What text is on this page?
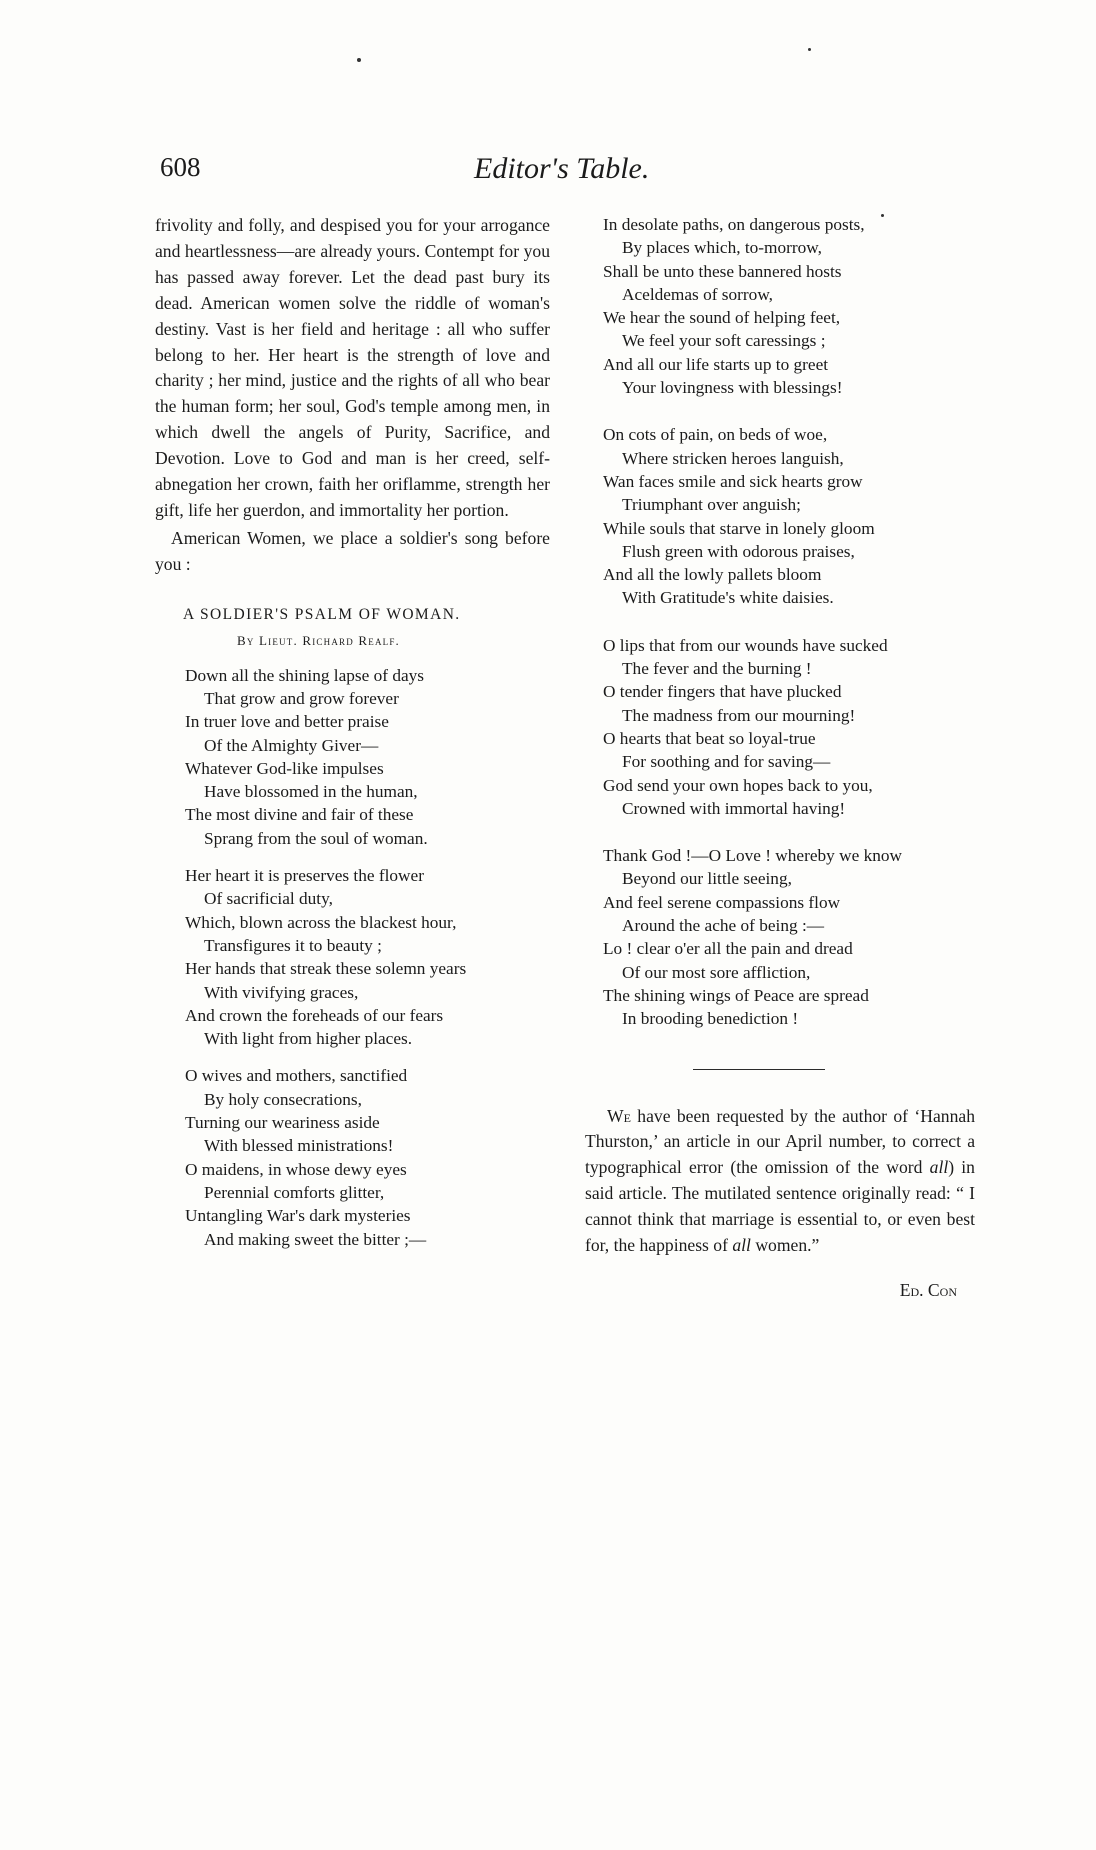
608	Editor's Table.

frivolity and folly, and despised you for your arrogance and heartlessness—are already yours. Contempt for you has passed away forever. Let the dead past bury its dead. American women solve the riddle of woman's destiny. Vast is her field and heritage : all who suffer belong to her. Her heart is the strength of love and charity ; her mind, justice and the rights of all who bear the human form; her soul, God's temple among men, in which dwell the angels of Purity, Sacrifice, and Devotion. Love to God and man is her creed, self-abnegation her crown, faith her oriflamme, strength her gift, life her guerdon, and immortality her portion.

American Women, we place a soldier's song before you :

A SOLDIER'S PSALM OF WOMAN.
By Lieut. Richard Realf.
Down all the shining lapse of days
That grow and grow forever
In truer love and better praise
Of the Almighty Giver—
Whatever God-like impulses
Have blossomed in the human,
The most divine and fair of these
Sprang from the soul of woman.
Her heart it is preserves the flower
Of sacrificial duty,
Which, blown across the blackest hour,
Transfigures it to beauty ;
Her hands that streak these solemn years
With vivifying graces,
And crown the foreheads of our fears
With light from higher places.
O wives and mothers, sanctified
By holy consecrations,
Turning our weariness aside
With blessed ministrations!
O maidens, in whose dewy eyes
Perennial comforts glitter,
Untangling War's dark mysteries
And making sweet the bitter ;—
In desolate paths, on dangerous posts,
By places which, to-morrow,
Shall be unto these bannered hosts
Aceldemas of sorrow,
We hear the sound of helping feet,
We feel your soft caressings ;
And all our life starts up to greet
Your lovingness with blessings!
On cots of pain, on beds of woe,
Where stricken heroes languish,
Wan faces smile and sick hearts grow
Triumphant over anguish;
While souls that starve in lonely gloom
Flush green with odorous praises,
And all the lowly pallets bloom
With Gratitude's white daisies.
O lips that from our wounds have sucked
The fever and the burning !
O tender fingers that have plucked
The madness from our mourning!
O hearts that beat so loyal-true
For soothing and for saving—
God send your own hopes back to you,
Crowned with immortal having!
Thank God !—O Love ! whereby we know
Beyond our little seeing,
And feel serene compassions flow
Around the ache of being :—
Lo ! clear o'er all the pain and dread
Of our most sore affliction,
The shining wings of Peace are spread
In brooding benediction !

We have been requested by the author of ‘Hannah Thurston,’ an article in our April number, to correct a typographical error (the omission of the word all) in said article. The mutilated sentence originally read: “ I cannot think that marriage is essential to, or even best for, the happiness of all women.”

Ed. Con
